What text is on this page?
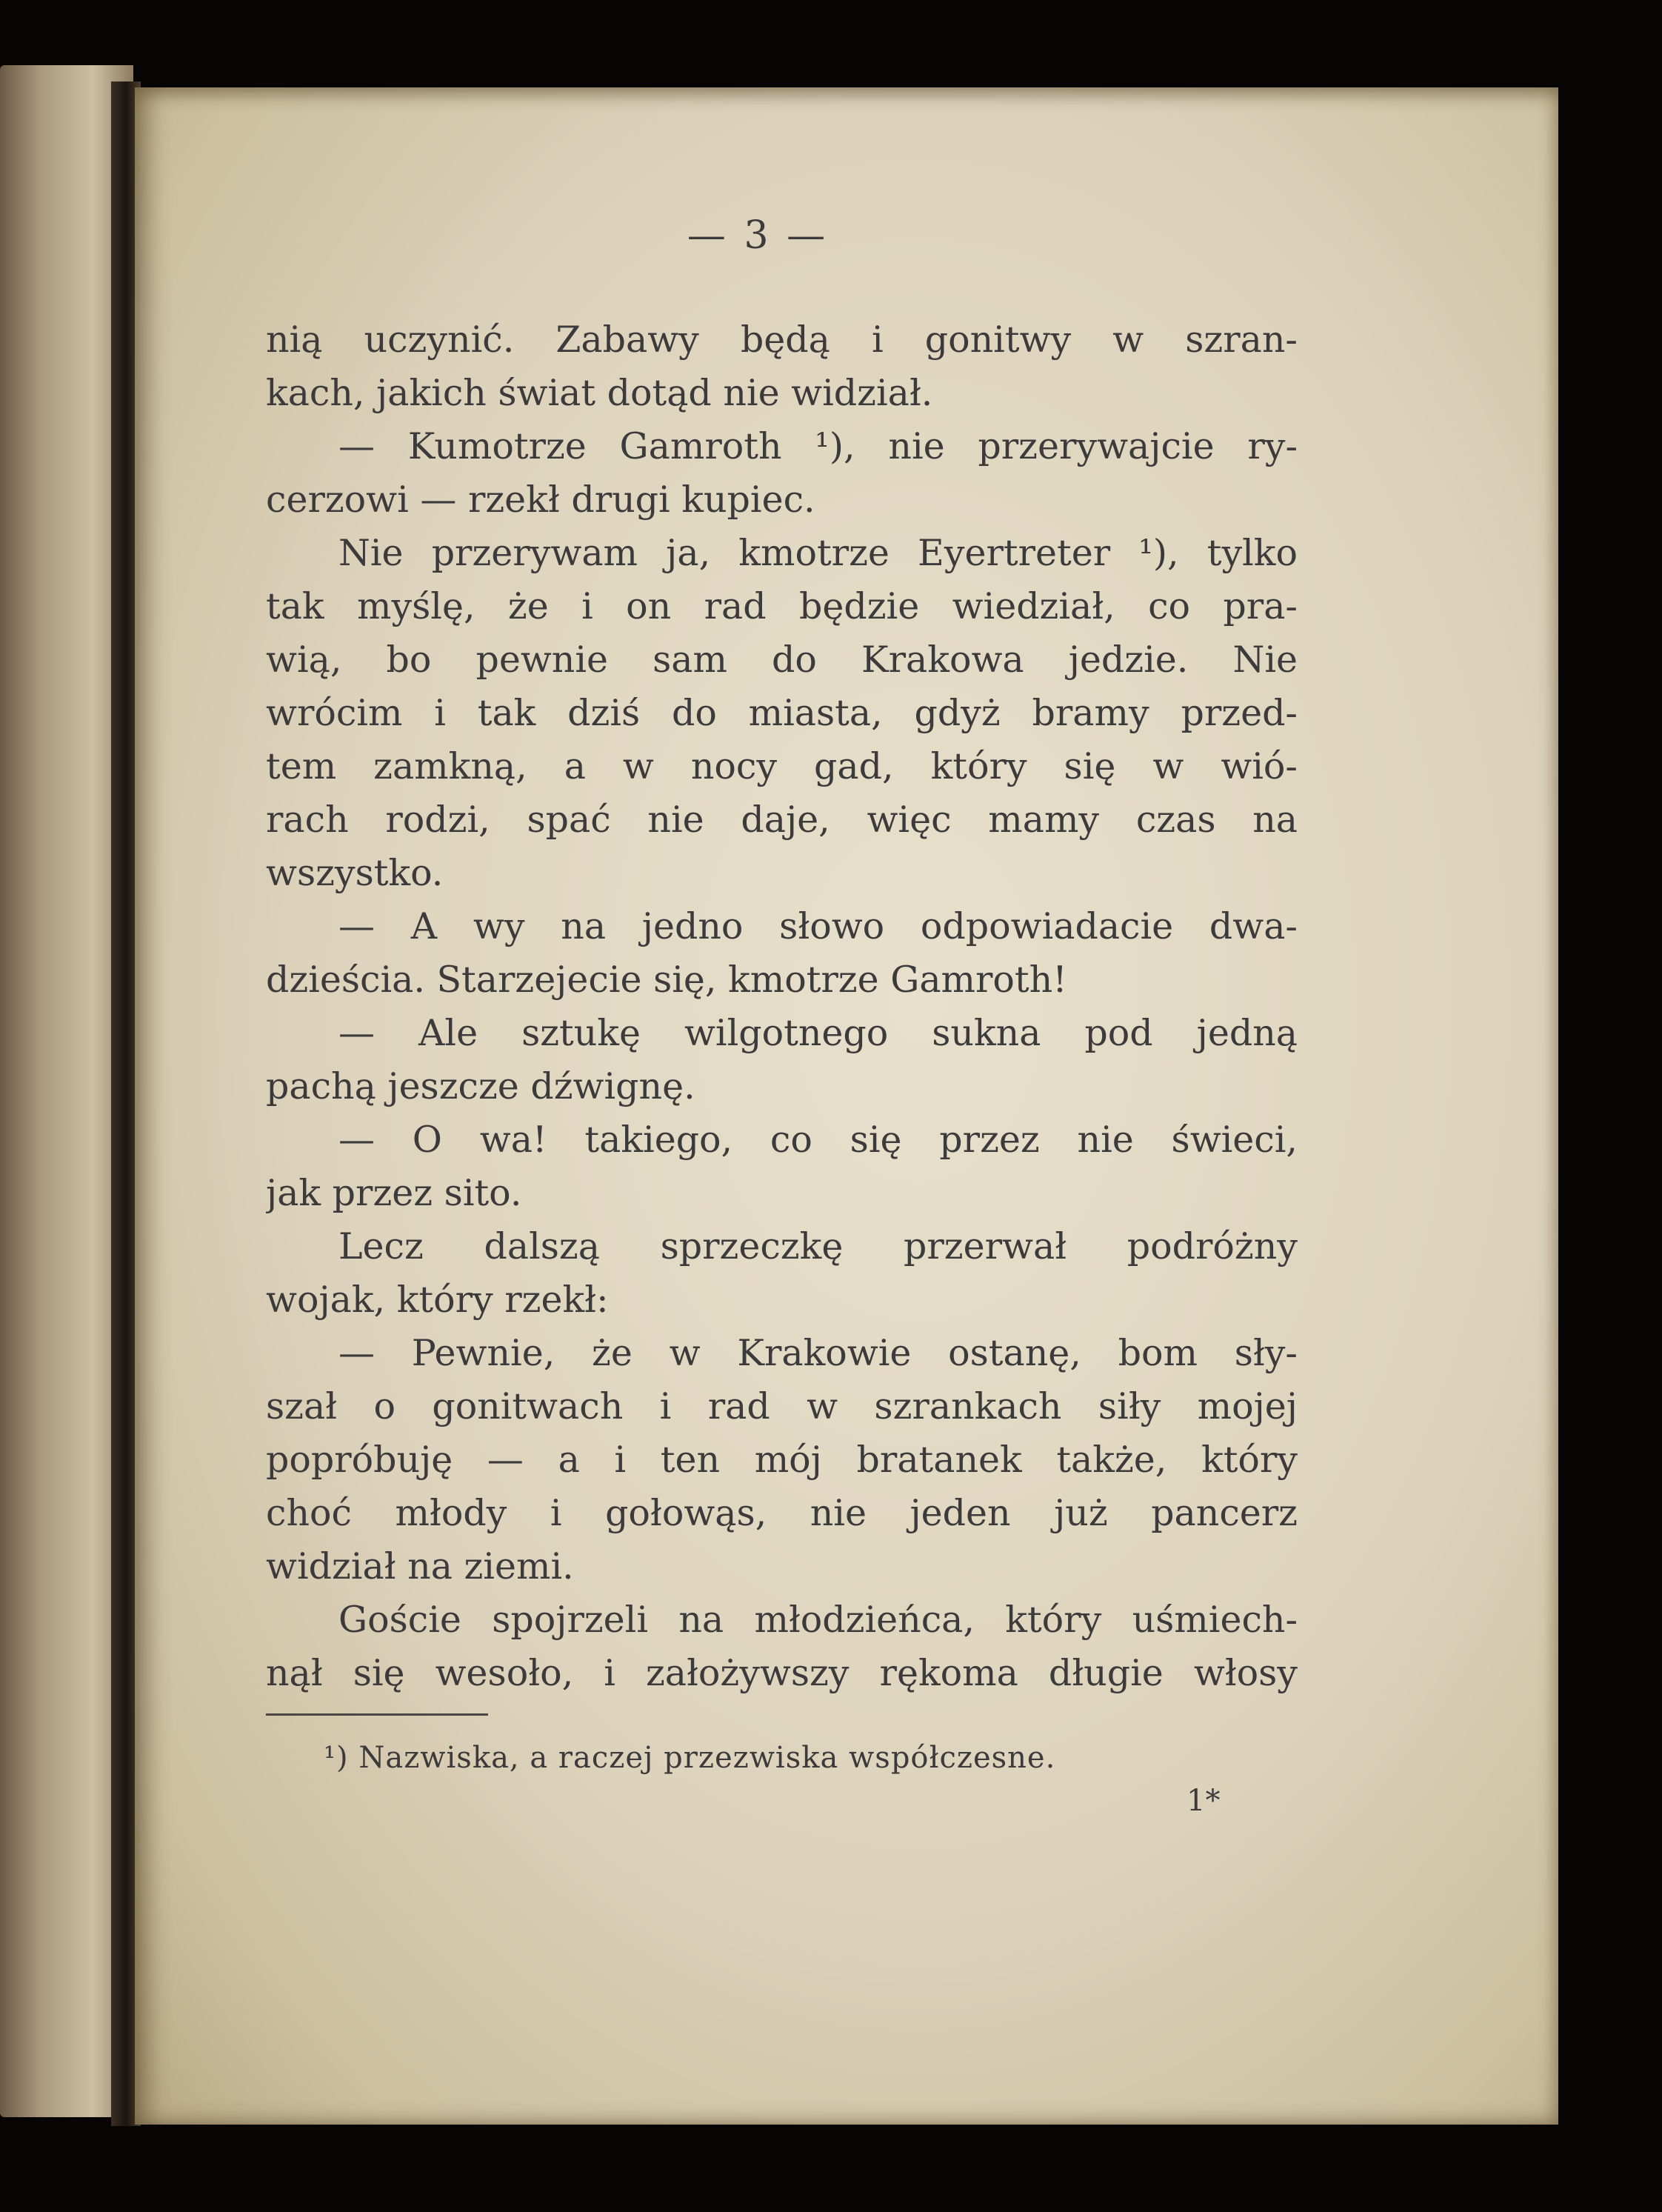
— 3 —
nią uczynić. Zabawy będą i gonitwy w szran-
kach, jakich świat dotąd nie widział.
— Kumotrze Gamroth ¹), nie przerywajcie ry-
cerzowi — rzekł drugi kupiec.
Nie przerywam ja, kmotrze Eyertreter ¹), tylko
tak myślę, że i on rad będzie wiedział, co pra-
wią, bo pewnie sam do Krakowa jedzie. Nie
wrócim i tak dziś do miasta, gdyż bramy przed-
tem zamkną, a w nocy gad, który się w wió-
rach rodzi, spać nie daje, więc mamy czas na
wszystko.
— A wy na jedno słowo odpowiadacie dwa-
dzieścia. Starzejecie się, kmotrze Gamroth!
— Ale sztukę wilgotnego sukna pod jedną
pachą jeszcze dźwignę.
— O wa! takiego, co się przez nie świeci,
jak przez sito.
Lecz dalszą sprzeczkę przerwał podróżny
wojak, który rzekł:
— Pewnie, że w Krakowie ostanę, bom sły-
szał o gonitwach i rad w szrankach siły mojej
popróbuję — a i ten mój bratanek także, który
choć młody i gołowąs, nie jeden już pancerz
widział na ziemi.
Goście spojrzeli na młodzieńca, który uśmiech-
nął się wesoło, i założywszy rękoma długie włosy
¹) Nazwiska, a raczej przezwiska współczesne.
1*
